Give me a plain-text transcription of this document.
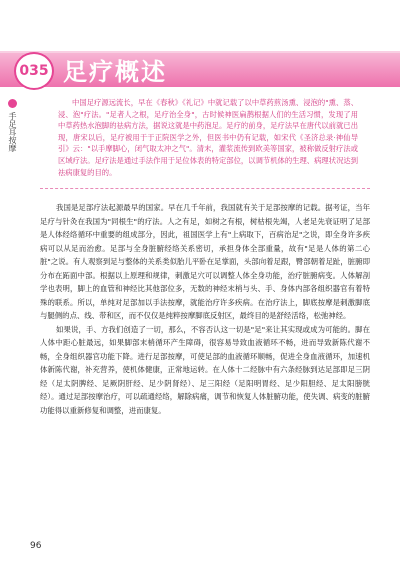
035 足疗概述
手足耳按摩
中国足疗源远流长，早在《春秋》《礼记》中就记载了以中草药煎汤熏、浸泡的"熏、蒸、浸、泡"疗法。"足者人之根，足疗治全身"，古时候神医扁鹊根据人们的生活习惯，发现了用中草药热水泡脚的祛病方法，据说这就是中药泡足。足疗的前身，足疗法早在唐代以前就已出现，唐宋以后，足疗被用于于正院医学之外，但医书中仍有记载，如宋代《圣济总录·神仙导引》云："以手摩脚心，闭气取太冲之气"。清末，灌浆流传到欧美等国家，被称做反射疗法或区域疗法。足疗法是通过手法作用于足位体表的特定部位，以调节机体的生理、病理状况达到祛病康复的目的。

我国是足部疗法起源最早的国家。早在几千年前，我国就有关于足部按摩的记载。据考证，当年足疗与针灸在我国为"同根生"的疗法。人之有足，如树之有根，树枯根先竭，人老足先衰证明了足部是人体经络循环中重要的组成部分，因此，祖国医学上有"上病取下，百病治足"之说，即全身许多疾病可以从足而治愈。足部与全身脏腑经络关系密切，承担身体全部重量，故有"足是人体的第二心脏"之说。有人观察到足与整体的关系类似胎儿平卧在足掌面，头部向着足跟，臀部朝着足趾，脏腑即分布在跖面中部。根据以上原理和规律，刺激足穴可以调整人体全身功能，治疗脏腑病变。人体解剖学也表明，脚上的血管和神经比其他部位多，无数的神经末梢与头、手、身体内部各组织器官有着特殊的联系。所以，单纯对足部加以手法按摩，就能治疗许多疾病。在治疗法上，脚底按摩是刺激脚底与腿侧的点、线、带和区，而不仅仅是纯粹按摩脚底反射区，最终目的是舒经活络，松弛神经。

如果说，手、方我们创造了一切，那么，不容否认这一切是"足"来让其实现或成为可能的。脚在人体中距心脏最远，如果脚部末梢循环产生障碍，很容易导致血液循环不畅，进而导致新陈代谢不畅，全身组织器官功能下降。进行足部按摩，可使足部的血液循环顺畅，促进全身血液循环，加速机体新陈代谢，补充营养，使机体健康，正常地运转。在人体十二经脉中有六条经脉到达足部即足三阴经（足太阴脾经、足厥阴肝经、足少阴肾经）、足三阳经（足阳明胃经、足少阳胆经、足太阳膀胱经）。通过足部按摩治疗，可以疏通经络，解除病痛，调节和恢复人体脏腑功能，使失调、病变的脏腑功能得以重新修复和调整，进而康复。

96
